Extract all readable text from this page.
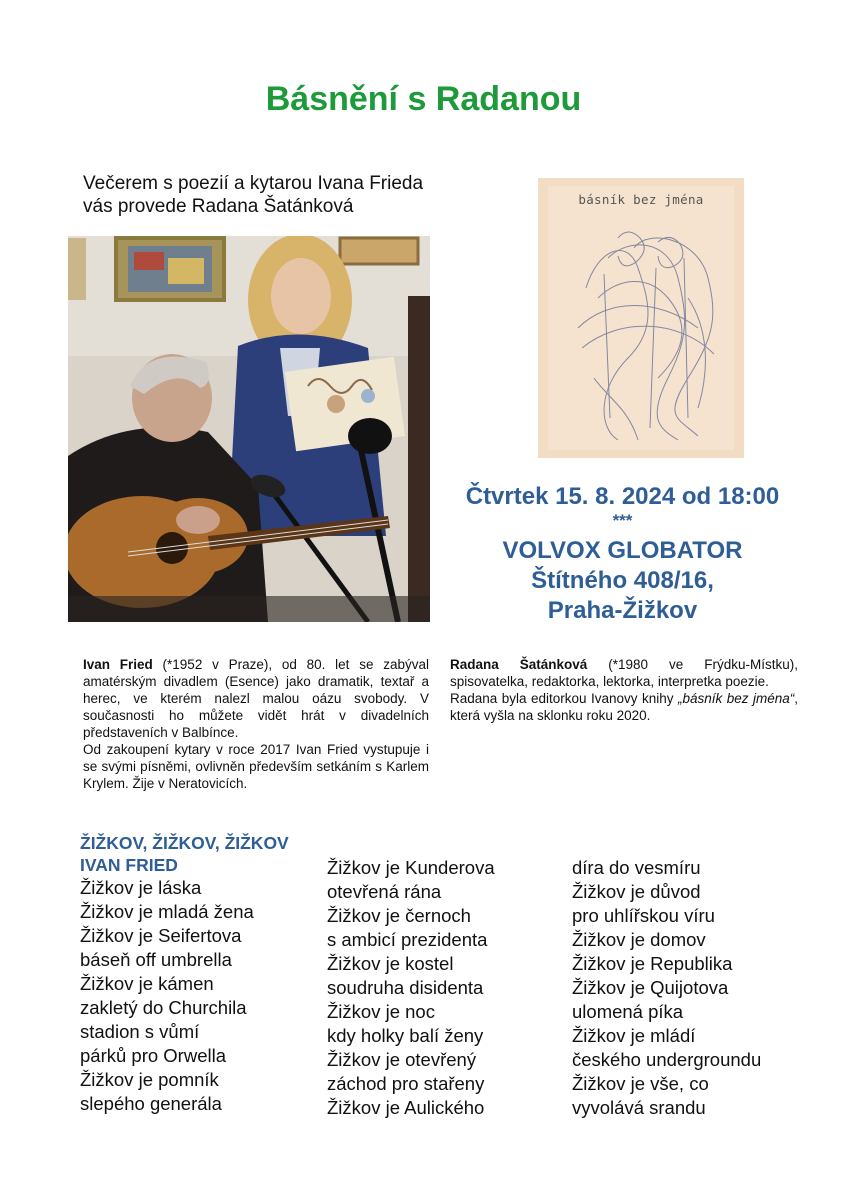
Básnění s Radanou
Večerem s poezií a kytarou Ivana Frieda
vás provede Radana Šatánková	básník bez jména
Čtvrtek 15. 8. 2024 od 18:00
***
VOLVOX GLOBATOR
Štítného 408/16,
Praha-Žižkov

Ivan Fried (*1952 v Praze), od 80. let se zabýval amatérským divadlem (Esence) jako dramatik, textař a herec, ve kterém nalezl malou oázu svobody. V současnosti ho můžete vidět hrát v divadelních představeních v Balbínce.

Od zakoupení kytary v roce 2017 Ivan Fried vystupuje i se svými písněmi, ovlivněn především setkáním s Karlem Krylem. Žije v Neratovicích.

Radana Šatánková (*1980 ve Frýdku-Místku), spisovatelka, redaktorka, lektorka, interpretka poezie.

Radana byla editorkou Ivanovy knihy „básník bez jména“, která vyšla na sklonku roku 2020.

ŽIŽKOV, ŽIŽKOV, ŽIŽKOV
IVAN FRIED
Žižkov je láska
Žižkov je mladá žena
Žižkov je Seifertova
báseň off umbrella
Žižkov je kámen
zakletý do Churchila
stadion s vůmí
párků pro Orwella
Žižkov je pomník
slepého generála
Žižkov je Kunderova
otevřená rána
Žižkov je černoch
s ambicí prezidenta
Žižkov je kostel
soudruha disidenta
Žižkov je noc
kdy holky balí ženy
Žižkov je otevřený
záchod pro stařeny
Žižkov je Aulického
díra do vesmíru
Žižkov je důvod
pro uhlířskou víru
Žižkov je domov
Žižkov je Republika
Žižkov je Quijotova
ulomená píka
Žižkov je mládí
českého undergroundu
Žižkov je vše, co
vyvolává srandu
